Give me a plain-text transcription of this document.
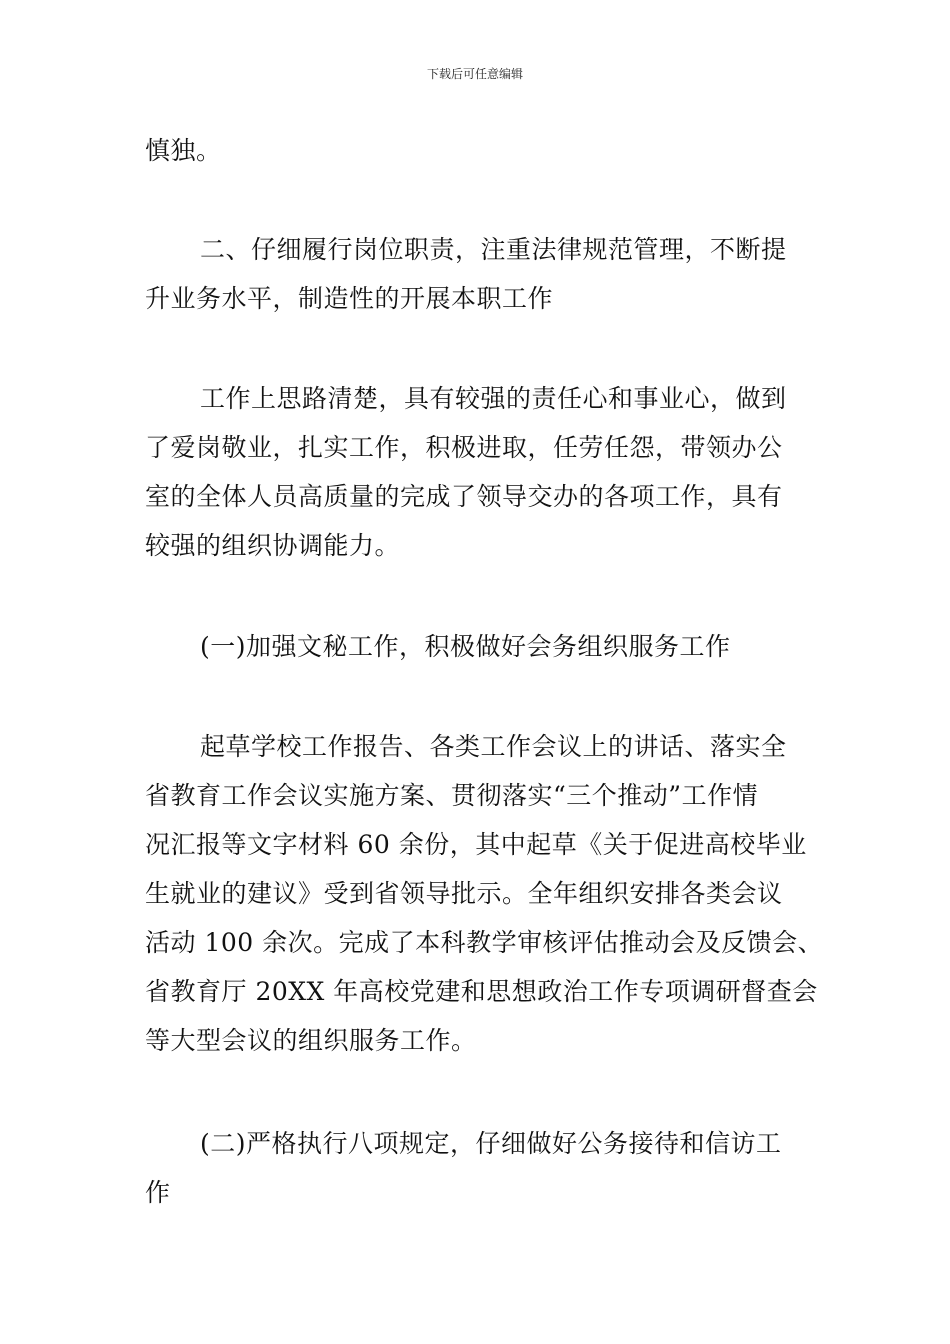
下载后可任意编辑
慎独。
二、仔细履行岗位职责，注重法律规范管理，不断提
升业务水平，制造性的开展本职工作
工作上思路清楚，具有较强的责任心和事业心，做到
了爱岗敬业，扎实工作，积极进取，任劳任怨，带领办公
室的全体人员高质量的完成了领导交办的各项工作，具有
较强的组织协调能力。
(一)加强文秘工作，积极做好会务组织服务工作
起草学校工作报告、各类工作会议上的讲话、落实全
省教育工作会议实施方案、贯彻落实“三个推动”工作情
况汇报等文字材料 60 余份，其中起草《关于促进高校毕业
生就业的建议》受到省领导批示。全年组织安排各类会议
活动 100 余次。完成了本科教学审核评估推动会及反馈会、
省教育厅 20XX 年高校党建和思想政治工作专项调研督查会
等大型会议的组织服务工作。
(二)严格执行八项规定，仔细做好公务接待和信访工
作
